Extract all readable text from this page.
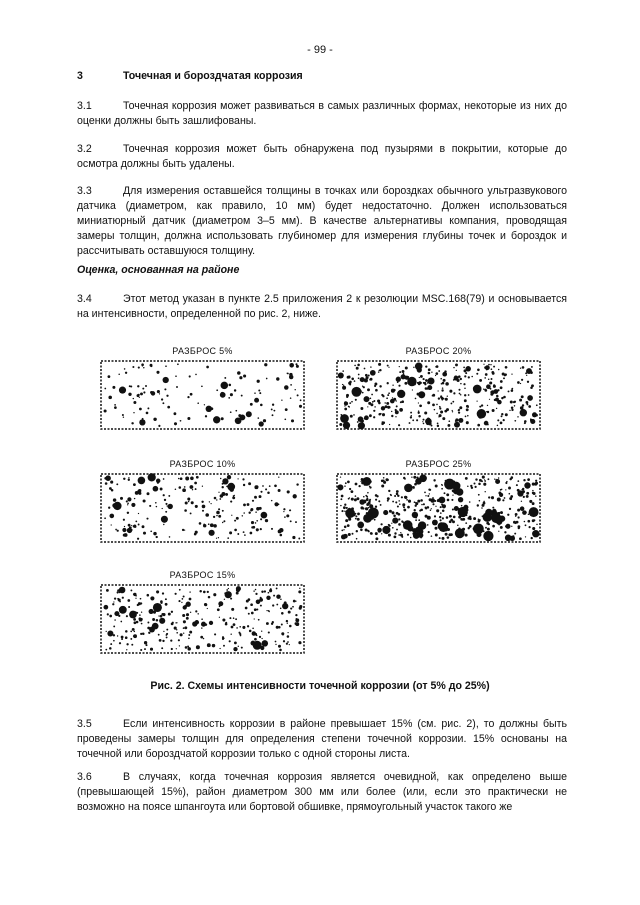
- 99 -
3	Точечная и бороздчатая коррозия
3.1	Точечная коррозия может развиваться в самых различных формах, некоторые из них до оценки должны быть зашлифованы.
3.2	Точечная коррозия может быть обнаружена под пузырями в покрытии, которые до осмотра должны быть удалены.
3.3	Для измерения оставшейся толщины в точках или бороздках обычного ультразвукового датчика (диаметром, как правило, 10 мм) будет недостаточно. Должен использоваться миниатюрный датчик (диаметром 3–5 мм). В качестве альтернативы компания, проводящая замеры толщин, должна использовать глубиномер для измерения глубины точек и бороздок и рассчитывать оставшуюся толщину.
Оценка, основанная на районе
3.4	Этот метод указан в пункте 2.5 приложения 2 к резолюции MSC.168(79) и основывается на интенсивности, определенной по рис. 2, ниже.
РАЗБРОС 5%	РАЗБРОС 20%
РАЗБРОС 10%	РАЗБРОС 25%
РАЗБРОС 15%
Рис. 2. Схемы интенсивности точечной коррозии (от 5% до 25%)
3.5	Если интенсивность коррозии в районе превышает 15% (см. рис. 2), то должны быть проведены замеры толщин для определения степени точечной коррозии. 15% основаны на точечной или бороздчатой коррозии только с одной стороны листа.
3.6	В случаях, когда точечная коррозия является очевидной, как определено выше (превышающей 15%), район диаметром 300 мм или более (или, если это практически не возможно на поясе шпангоута или бортовой обшивке, прямоугольный участок такого же
